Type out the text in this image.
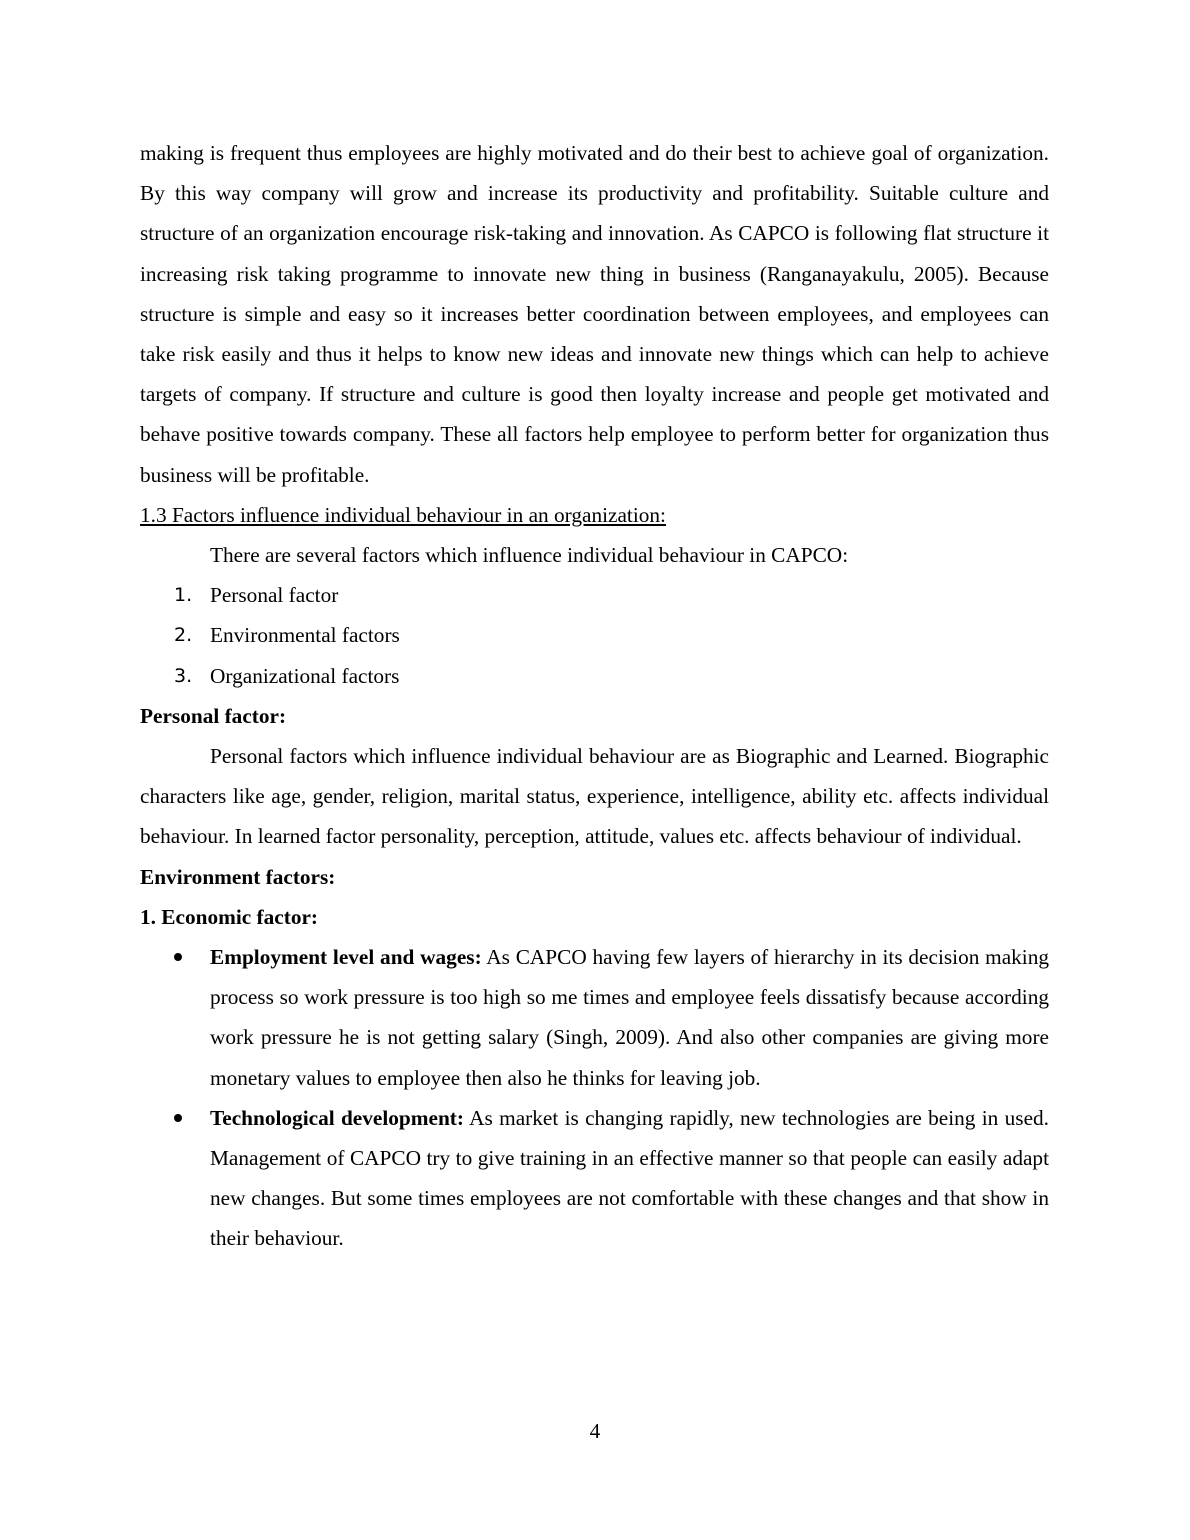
making is frequent thus employees are highly motivated and do their best to achieve goal of organization. By this way company will grow and increase its productivity and profitability. Suitable culture and structure of an organization encourage risk-taking and innovation. As CAPCO is following flat structure it increasing risk taking programme to innovate new thing in business (Ranganayakulu, 2005). Because structure is simple and easy so it increases better coordination between employees, and employees can take risk easily and thus it helps to know new ideas and innovate new things which can help to achieve targets of company. If structure and culture is good then loyalty increase and people get motivated and behave positive towards company. These all factors help employee to perform better for organization thus business will be profitable.

1.3 Factors influence individual behaviour in an organization:

There are several factors which influence individual behaviour in CAPCO:

1. Personal factor
2. Environmental factors
3. Organizational factors

Personal factor:

Personal factors which influence individual behaviour are as Biographic and Learned. Biographic characters like age, gender, religion, marital status, experience, intelligence, ability etc. affects individual behaviour. In learned factor personality, perception, attitude, values etc. affects behaviour of individual.

Environment factors:

1. Economic factor:

Employment level and wages: As CAPCO having few layers of hierarchy in its decision making process so work pressure is too high so me times and employee feels dissatisfy because according work pressure he is not getting salary (Singh, 2009). And also other companies are giving more monetary values to employee then also he thinks for leaving job.
Technological development: As market is changing rapidly, new technologies are being in used. Management of CAPCO try to give training in an effective manner so that people can easily adapt new changes. But some times employees are not comfortable with these changes and that show in their behaviour.
4
